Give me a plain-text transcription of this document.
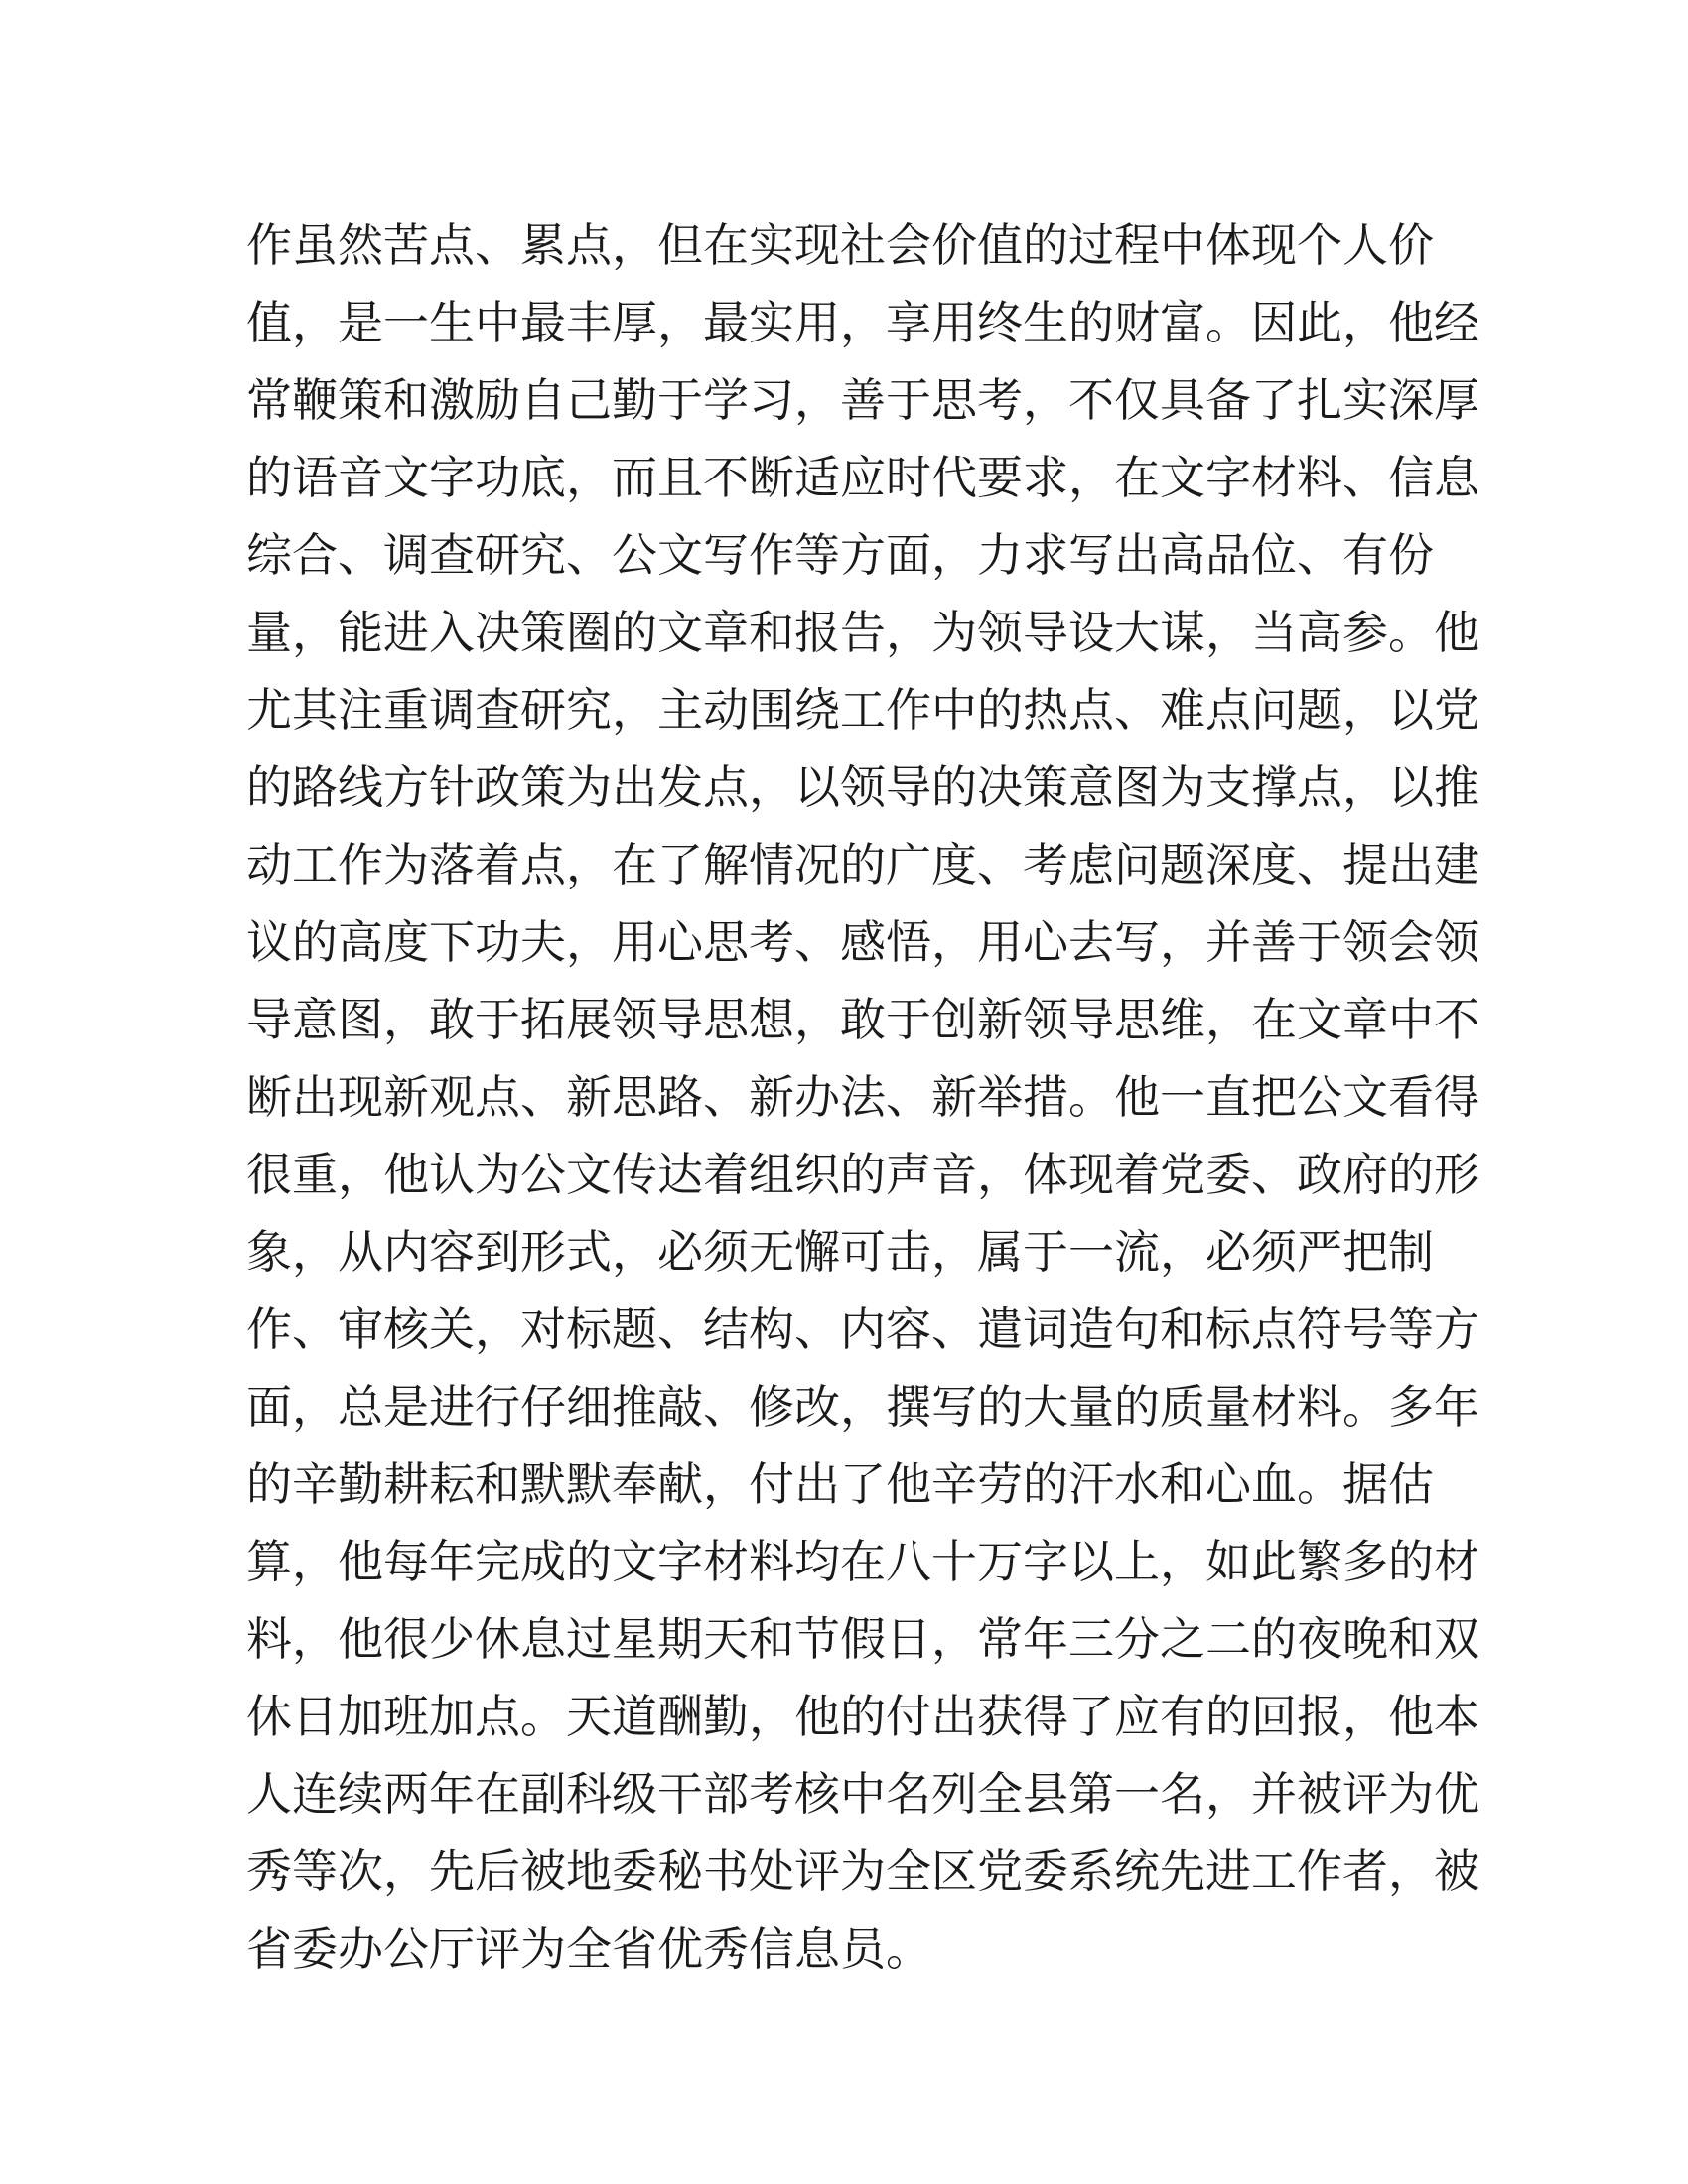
作虽然苦点、累点，但在实现社会价值的过程中体现个人价
值，是一生中最丰厚，最实用，享用终生的财富。因此，他经
常鞭策和激励自己勤于学习，善于思考，不仅具备了扎实深厚
的语音文字功底，而且不断适应时代要求，在文字材料、信息
综合、调查研究、公文写作等方面，力求写出高品位、有份
量，能进入决策圈的文章和报告，为领导设大谋，当高参。他
尤其注重调查研究，主动围绕工作中的热点、难点问题，以党
的路线方针政策为出发点，以领导的决策意图为支撑点，以推
动工作为落着点，在了解情况的广度、考虑问题深度、提出建
议的高度下功夫，用心思考、感悟，用心去写，并善于领会领
导意图，敢于拓展领导思想，敢于创新领导思维，在文章中不
断出现新观点、新思路、新办法、新举措。他一直把公文看得
很重，他认为公文传达着组织的声音，体现着党委、政府的形
象，从内容到形式，必须无懈可击，属于一流，必须严把制
作、审核关，对标题、结构、内容、遣词造句和标点符号等方
面，总是进行仔细推敲、修改，撰写的大量的质量材料。多年
的辛勤耕耘和默默奉献，付出了他辛劳的汗水和心血。据估
算，他每年完成的文字材料均在八十万字以上，如此繁多的材
料，他很少休息过星期天和节假日，常年三分之二的夜晚和双
休日加班加点。天道酬勤，他的付出获得了应有的回报，他本
人连续两年在副科级干部考核中名列全县第一名，并被评为优
秀等次，先后被地委秘书处评为全区党委系统先进工作者，被
省委办公厅评为全省优秀信息员。
